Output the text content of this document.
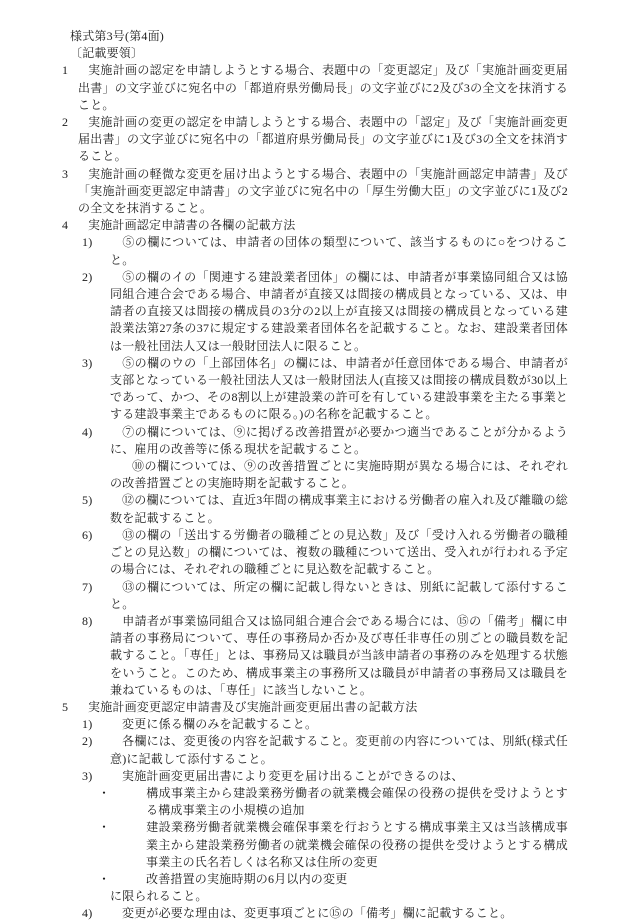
様式第3号(第4面)
〔記載要領〕

1 実施計画の認定を申請しようとする場合、表題中の「変更認定」及び「実施計画変更届出書」の文字並びに宛名中の「都道府県労働局長」の文字並びに2及び3の全文を抹消すること。

2 実施計画の変更の認定を申請しようとする場合、表題中の「認定」及び「実施計画変更届出書」の文字並びに宛名中の「都道府県労働局長」の文字並びに1及び3の全文を抹消すること。

3 実施計画の軽微な変更を届け出ようとする場合、表題中の「実施計画認定申請書」及び「実施計画変更認定申請書」の文字並びに宛名中の「厚生労働大臣」の文字並びに1及び2の全文を抹消すること。

4 実施計画認定申請書の各欄の記載方法

1) ⑤の欄については、申請者の団体の類型について、該当するものに○をつけること。

2) ⑤の欄のイの「関連する建設業者団体」の欄には、申請者が事業協同組合又は協同組合連合会である場合、申請者が直接又は間接の構成員となっている、又は、申請者の直接又は間接の構成員の3分の2以上が直接又は間接の構成員となっている建設業法第27条の37に規定する建設業者団体名を記載すること。なお、建設業者団体は一般社団法人又は一般財団法人に限ること。

3) ⑤の欄のウの「上部団体名」の欄には、申請者が任意団体である場合、申請者が支部となっている一般社団法人又は一般財団法人(直接又は間接の構成員数が30以上であって、かつ、その8割以上が建設業の許可を有している建設事業を主たる事業とする建設事業主であるものに限る。)の名称を記載すること。

4) ⑦の欄については、⑨に掲げる改善措置が必要かつ適当であることが分かるように、雇用の改善等に係る現状を記載すること。

⑩の欄については、⑨の改善措置ごとに実施時期が異なる場合には、それぞれの改善措置ごとの実施時期を記載すること。

5) ⑫の欄については、直近3年間の構成事業主における労働者の雇入れ及び離職の総数を記載すること。

6) ⑬の欄の「送出する労働者の職種ごとの見込数」及び「受け入れる労働者の職種ごとの見込数」の欄については、複数の職種について送出、受入れが行われる予定の場合には、それぞれの職種ごとに見込数を記載すること。

7) ⑬の欄については、所定の欄に記載し得ないときは、別紙に記載して添付すること。

8) 申請者が事業協同組合又は協同組合連合会である場合には、⑮の「備考」欄に申請者の事務局について、専任の事務局か否か及び専任非専任の別ごとの職員数を記載すること。「専任」とは、事務局又は職員が当該申請者の事務のみを処理する状態をいうこと。このため、構成事業主の事務所又は職員が申請者の事務局又は職員を兼ねているものは、「専任」に該当しないこと。

5 実施計画変更認定申請書及び実施計画変更届出書の記載方法

1) 変更に係る欄のみを記載すること。

2) 各欄には、変更後の内容を記載すること。変更前の内容については、別紙(様式任意)に記載して添付すること。

3) 実施計画変更届出書により変更を届け出ることができるのは、

・	構成事業主から建設業務労働者の就業機会確保の役務の提供を受けようとする構成事業主の小規模の追加

・	建設業務労働者就業機会確保事業を行おうとする構成事業主又は当該構成事業主から建設業務労働者の就業機会確保の役務の提供を受けようとする構成事業主の氏名若しくは名称又は住所の変更

・	改善措置の実施時期の6月以内の変更

に限られること。

4) 変更が必要な理由は、変更事項ごとに⑮の「備考」欄に記載すること。
